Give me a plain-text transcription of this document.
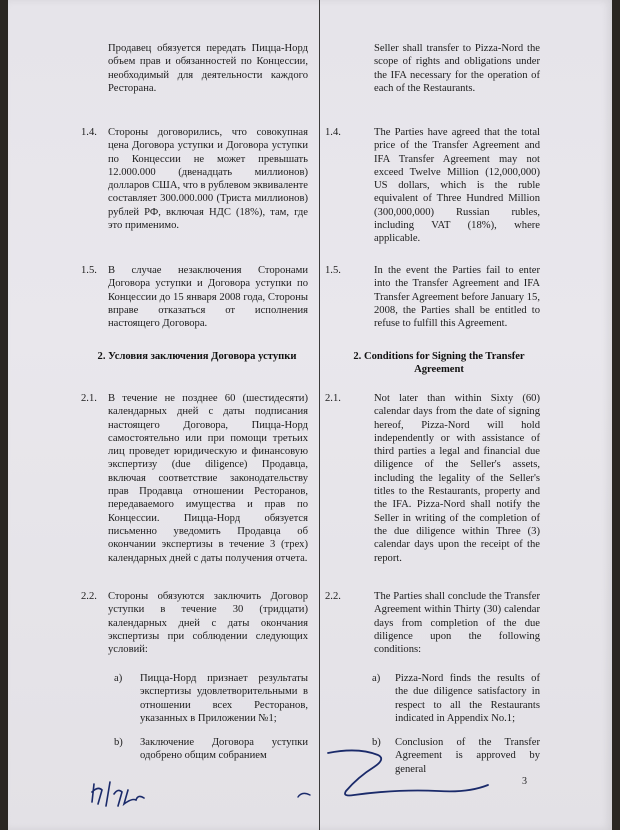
Продавец обязуется передать Пицца-Норд объем прав и обязанностей по Концессии, необходимый для деятельности каждого Ресторана.
Seller shall transfer to Pizza-Nord the scope of rights and obligations under the IFA necessary for the operation of each of the Restaurants.
1.4. Стороны договорились, что совокупная цена Договора уступки и Договора уступки по Концессии не может превышать 12.000.000 (двенадцать миллионов) долларов США, что в рублевом эквиваленте составляет 300.000.000 (Триста миллионов) рублей РФ, включая НДС (18%), там, где это применимо.
1.4.	The Parties have agreed that the total price of the Transfer Agreement and IFA Transfer Agreement may not exceed Twelve Million (12,000,000) US dollars, which is the ruble equivalent of Three Hundred Million (300,000,000) Russian rubles, including VAT (18%), where applicable.
1.5. В случае незаключения Сторонами Договора уступки и Договора уступки по Концессии до 15 января 2008 года, Стороны вправе отказаться от исполнения настоящего Договора.
1.5.	In the event the Parties fail to enter into the Transfer Agreement and IFA Transfer Agreement before January 15, 2008, the Parties shall be entitled to refuse to fulfill this Agreement.
2. Условия заключения Договора уступки	2. Conditions for Signing the Transfer Agreement
2.1. В течение не позднее 60 (шестидесяти) календарных дней с даты подписания настоящего Договора, Пицца-Норд самостоятельно или при помощи третьих лиц проведет юридическую и финансовую экспертизу (due diligence) Продавца, включая соответствие законодательству прав Продавца отношении Ресторанов, передаваемого имущества и прав по Концессии. Пицца-Норд обязуется письменно уведомить Продавца об окончании экспертизы в течение 3 (трех) календарных дней с даты получения отчета.
2.1.	Not later than within Sixty (60) calendar days from the date of signing hereof, Pizza-Nord will hold independently or with assistance of third parties a legal and financial due diligence of the Seller's assets, including the legality of the Seller's titles to the Restaurants, property and the IFA. Pizza-Nord shall notify the Seller in writing of the completion of the due diligence within Three (3) calendar days upon the receipt of the report.
2.2. Стороны обязуются заключить Договор уступки в течение 30 (тридцати) календарных дней с даты окончания экспертизы при соблюдении следующих условий:
2.2.	The Parties shall conclude the Transfer Agreement within Thirty (30) calendar days from completion of the due diligence upon the following conditions:
a) Пицца-Норд признает результаты экспертизы удовлетворительными в отношении всех Ресторанов, указанных в Приложении №1;
a) Pizza-Nord finds the results of the due diligence satisfactory in respect to all the Restaurants indicated in Appendix No.1;
b) Заключение Договора уступки одобрено общим собранием
b) Conclusion of the Transfer Agreement is approved by general
3
